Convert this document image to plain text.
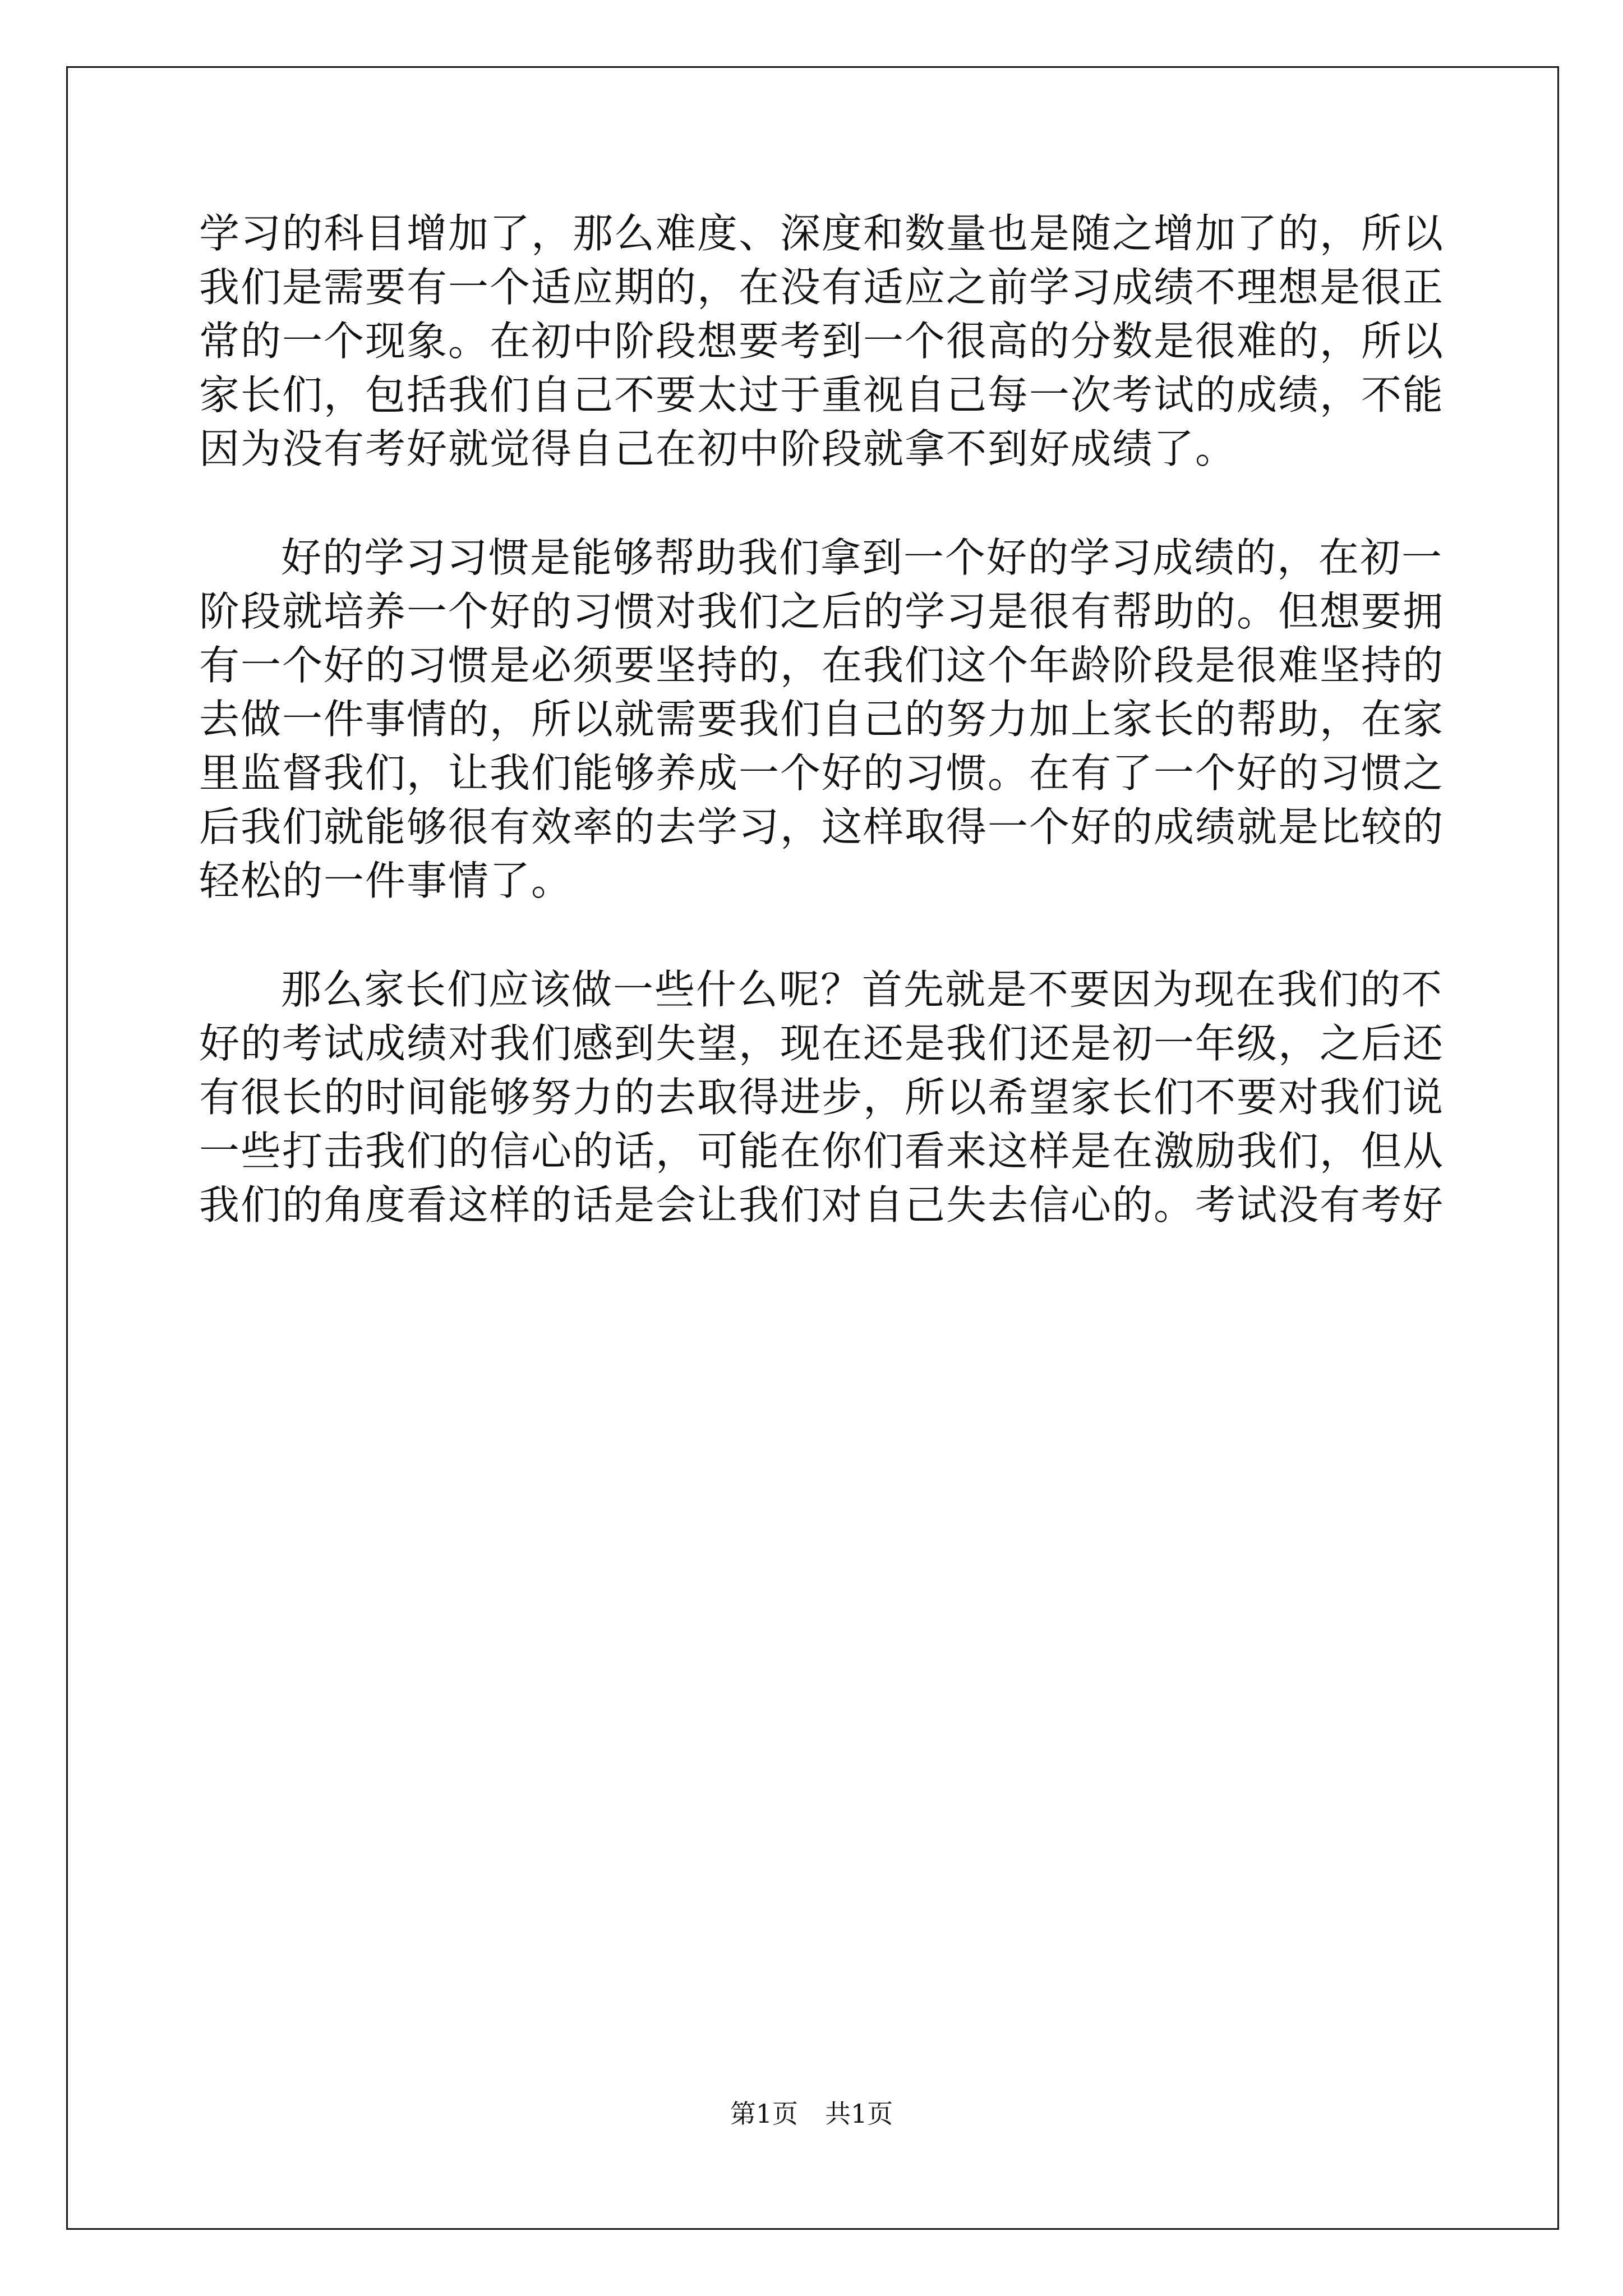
学习的科目增加了，那么难度、深度和数量也是随之增加了的，所以

我们是需要有一个适应期的，在没有适应之前学习成绩不理想是很正

常的一个现象。在初中阶段想要考到一个很高的分数是很难的，所以

家长们，包括我们自己不要太过于重视自己每一次考试的成绩，不能

因为没有考好就觉得自己在初中阶段就拿不到好成绩了。

好的学习习惯是能够帮助我们拿到一个好的学习成绩的，在初一

阶段就培养一个好的习惯对我们之后的学习是很有帮助的。但想要拥

有一个好的习惯是必须要坚持的，在我们这个年龄阶段是很难坚持的

去做一件事情的，所以就需要我们自己的努力加上家长的帮助，在家

里监督我们，让我们能够养成一个好的习惯。在有了一个好的习惯之

后我们就能够很有效率的去学习，这样取得一个好的成绩就是比较的

轻松的一件事情了。

那么家长们应该做一些什么呢？首先就是不要因为现在我们的不

好的考试成绩对我们感到失望，现在还是我们还是初一年级，之后还

有很长的时间能够努力的去取得进步，所以希望家长们不要对我们说

一些打击我们的信心的话，可能在你们看来这样是在激励我们，但从

我们的角度看这样的话是会让我们对自己失去信心的。考试没有考好

第1页 共1页
